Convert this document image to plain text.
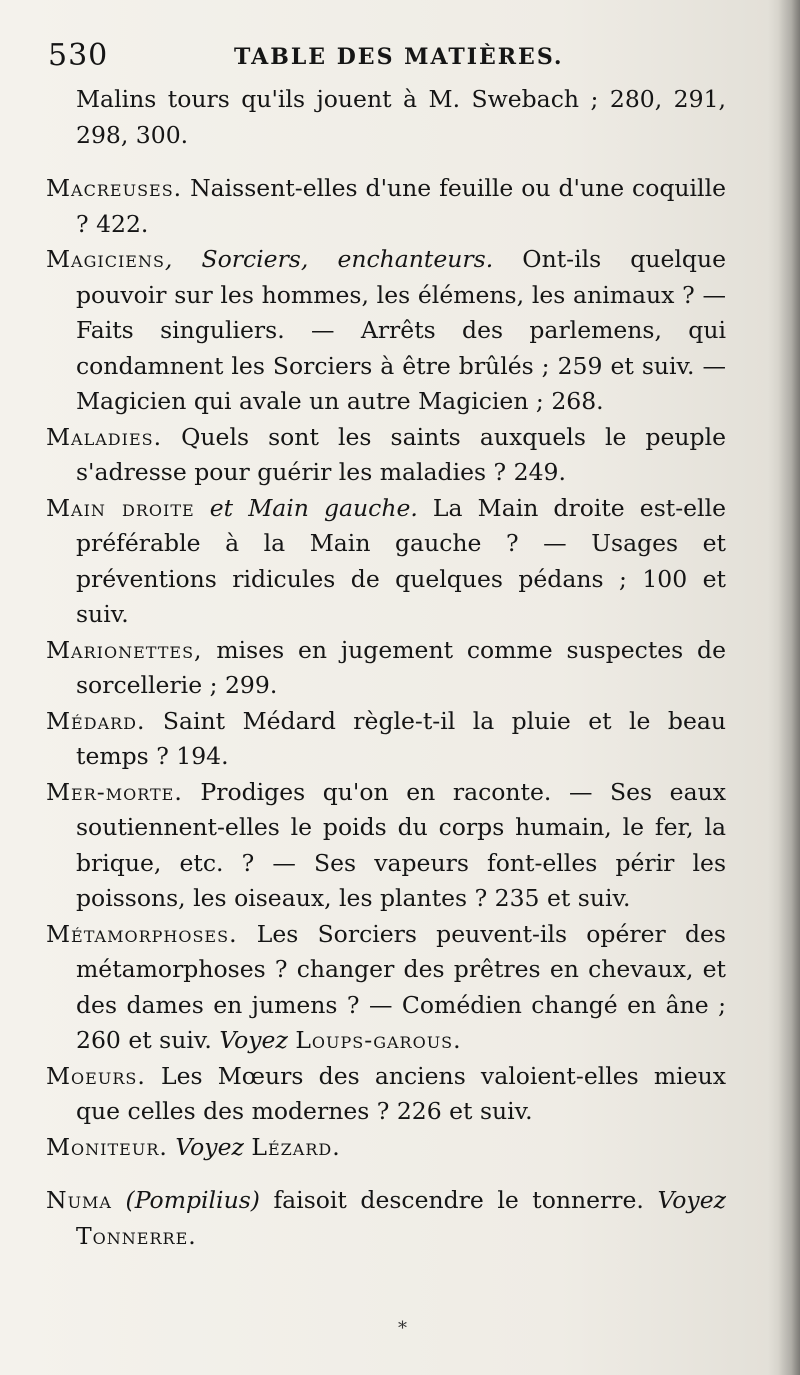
530	TABLE DES MATIÈRES.

Malins tours qu'ils jouent à M. Swebach ; 280, 291, 298, 300.

Macreuses. Naissent-elles d'une feuille ou d'une coquille ? 422.

Magiciens, Sorciers, enchanteurs. Ont-ils quelque pouvoir sur les hommes, les élémens, les animaux ? — Faits singuliers. — Arrêts des parlemens, qui condamnent les Sorciers à être brûlés ; 259 et suiv. — Magicien qui avale un autre Magicien ; 268.

Maladies. Quels sont les saints auxquels le peuple s'adresse pour guérir les maladies ? 249.

Main droite et Main gauche. La Main droite est-elle préférable à la Main gauche ? — Usages et préventions ridicules de quelques pédans ; 100 et suiv.

Marionettes, mises en jugement comme suspectes de sorcellerie ; 299.

Médard. Saint Médard règle-t-il la pluie et le beau temps ? 194.

Mer-morte. Prodiges qu'on en raconte. — Ses eaux soutiennent-elles le poids du corps humain, le fer, la brique, etc. ? — Ses vapeurs font-elles périr les poissons, les oiseaux, les plantes ? 235 et suiv.

Métamorphoses. Les Sorciers peuvent-ils opérer des métamorphoses ? changer des prêtres en chevaux, et des dames en jumens ? — Comédien changé en âne ; 260 et suiv. Voyez Loups-garous.

Moeurs. Les Mœurs des anciens valoient-elles mieux que celles des modernes ? 226 et suiv.

Moniteur. Voyez Lézard.

Numa (Pompilius) faisoit descendre le tonnerre. Voyez Tonnerre.

*
